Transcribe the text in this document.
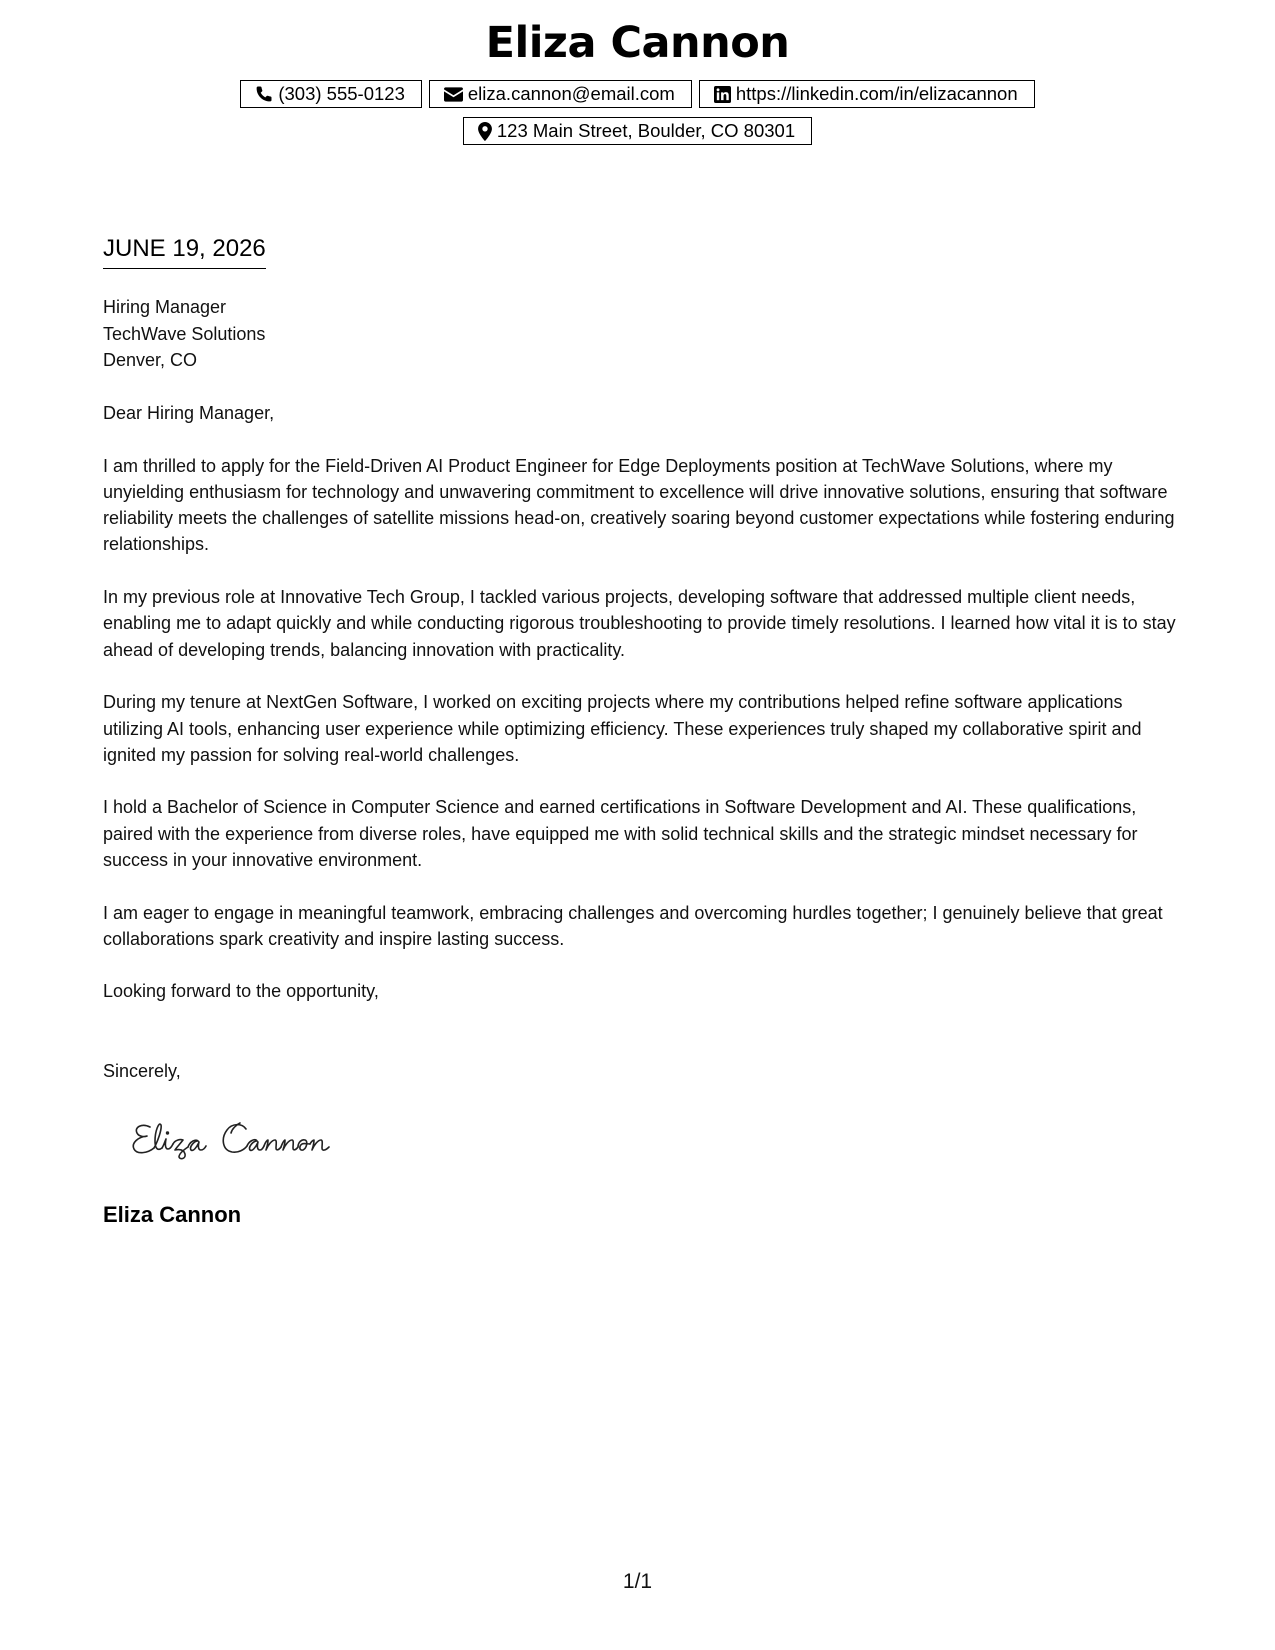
Eliza Cannon
(303) 555-0123	eliza.cannon@email.com	https://linkedin.com/in/elizacannon
123 Main Street, Boulder, CO 80301
JUNE 19, 2026
Hiring Manager
TechWave Solutions
Denver, CO
Dear Hiring Manager,

I am thrilled to apply for the Field-Driven AI Product Engineer for Edge Deployments position at TechWave Solutions, where my unyielding enthusiasm for technology and unwavering commitment to excellence will drive innovative solutions, ensuring that software reliability meets the challenges of satellite missions head-on, creatively soaring beyond customer expectations while fostering enduring relationships.

In my previous role at Innovative Tech Group, I tackled various projects, developing software that addressed multiple client needs, enabling me to adapt quickly and while conducting rigorous troubleshooting to provide timely resolutions. I learned how vital it is to stay ahead of developing trends, balancing innovation with practicality.

During my tenure at NextGen Software, I worked on exciting projects where my contributions helped refine software applications utilizing AI tools, enhancing user experience while optimizing efficiency. These experiences truly shaped my collaborative spirit and ignited my passion for solving real-world challenges.

I hold a Bachelor of Science in Computer Science and earned certifications in Software Development and AI. These qualifications, paired with the experience from diverse roles, have equipped me with solid technical skills and the strategic mindset necessary for success in your innovative environment.

I am eager to engage in meaningful teamwork, embracing challenges and overcoming hurdles together; I genuinely believe that great collaborations spark creativity and inspire lasting success.

Looking forward to the opportunity,
Sincerely,
Eliza Cannon
1/1
